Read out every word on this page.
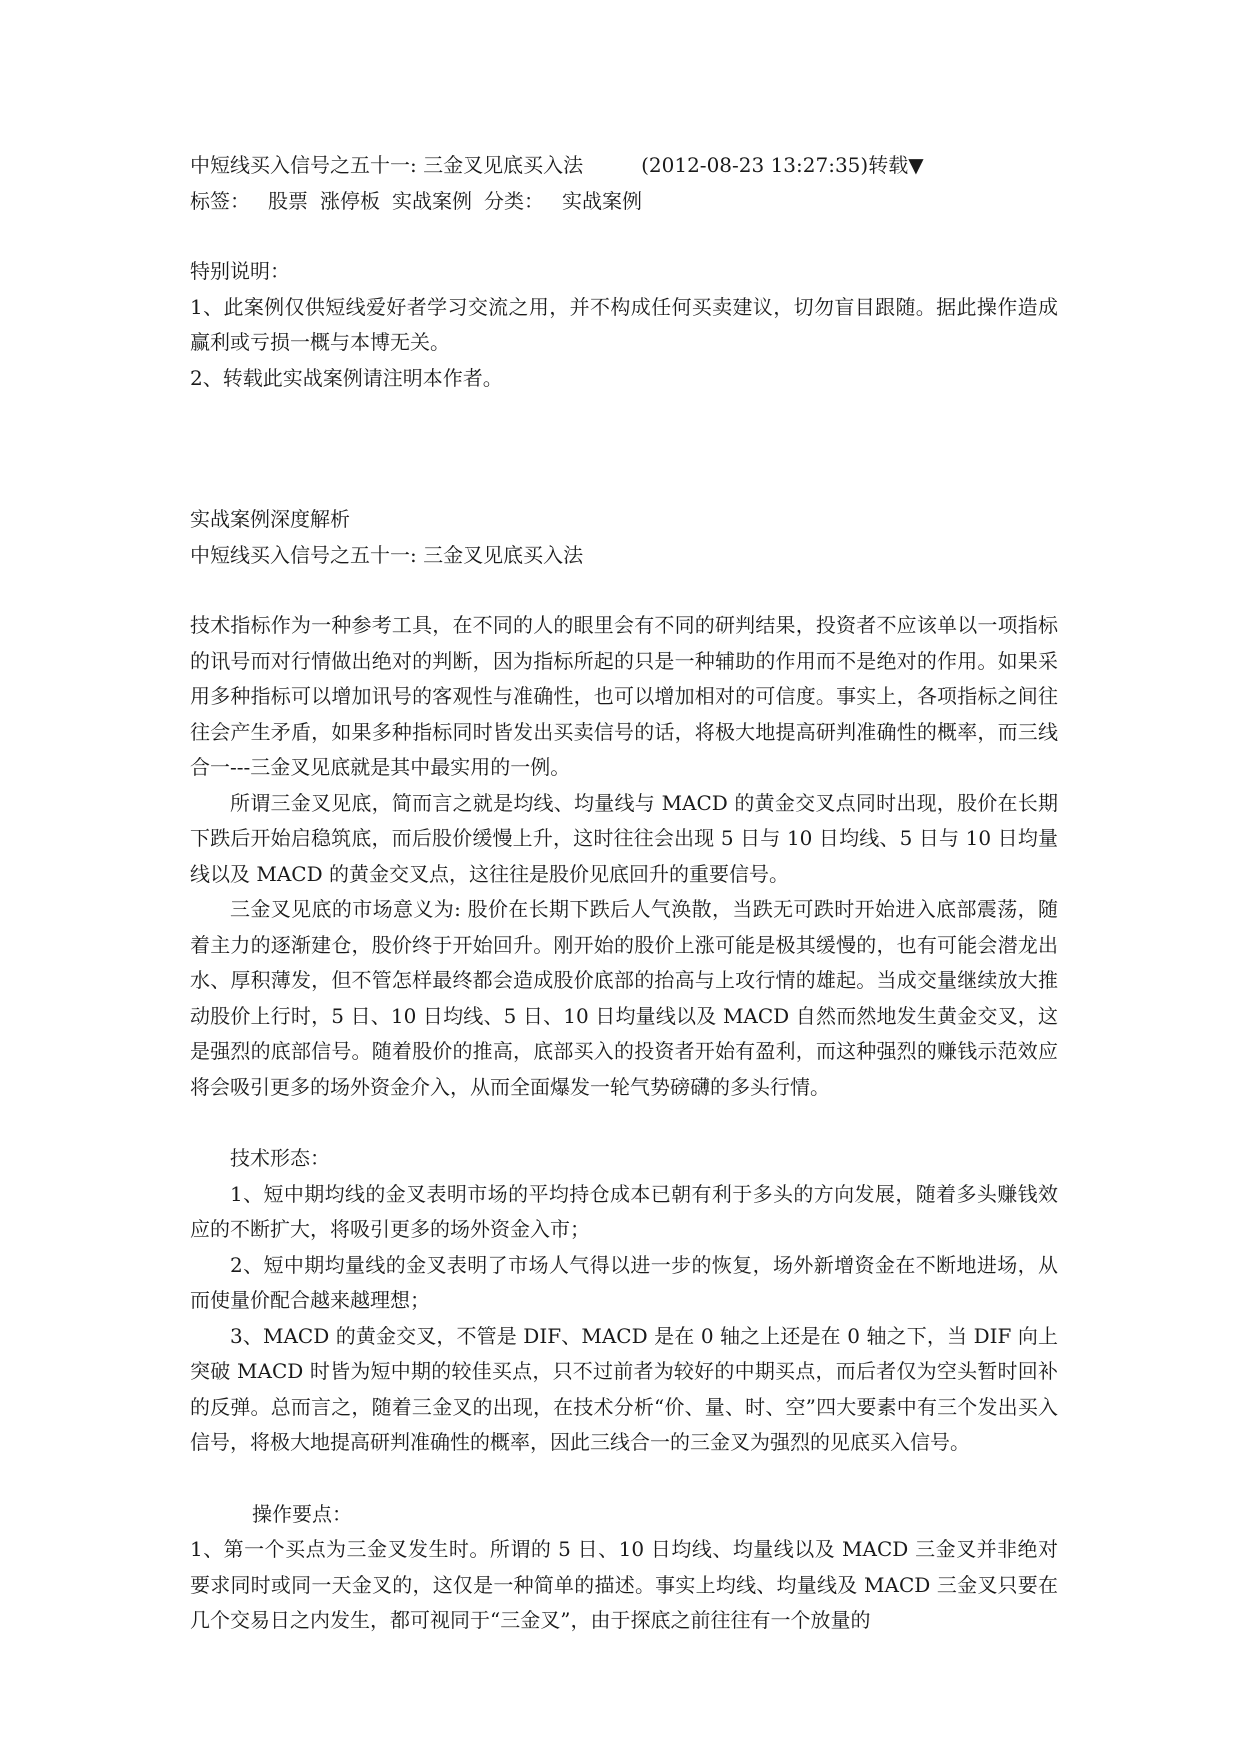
中短线买入信号之五十一: 三金叉见底买入法	(2012-08-23 13:27:35)转载▼

标签： 股票 涨停板 实战案例 分类： 实战案例

特别说明：

1、此案例仅供短线爱好者学习交流之用，并不构成任何买卖建议，切勿盲目跟随。据此操作造成赢利或亏损一概与本博无关。

2、转载此实战案例请注明本作者。

实战案例深度解析

中短线买入信号之五十一: 三金叉见底买入法

技术指标作为一种参考工具，在不同的人的眼里会有不同的研判结果，投资者不应该单以一项指标的讯号而对行情做出绝对的判断，因为指标所起的只是一种辅助的作用而不是绝对的作用。如果采用多种指标可以增加讯号的客观性与准确性，也可以增加相对的可信度。事实上，各项指标之间往往会产生矛盾，如果多种指标同时皆发出买卖信号的话，将极大地提高研判准确性的概率，而三线合一---三金叉见底就是其中最实用的一例。

所谓三金叉见底，简而言之就是均线、均量线与 MACD 的黄金交叉点同时出现，股价在长期下跌后开始启稳筑底，而后股价缓慢上升，这时往往会出现 5 日与 10 日均线、5 日与 10 日均量线以及 MACD 的黄金交叉点，这往往是股价见底回升的重要信号。

三金叉见底的市场意义为: 股价在长期下跌后人气涣散，当跌无可跌时开始进入底部震荡，随着主力的逐渐建仓，股价终于开始回升。刚开始的股价上涨可能是极其缓慢的，也有可能会潜龙出水、厚积薄发，但不管怎样最终都会造成股价底部的抬高与上攻行情的雄起。当成交量继续放大推动股价上行时，5 日、10 日均线、5 日、10 日均量线以及 MACD 自然而然地发生黄金交叉，这是强烈的底部信号。随着股价的推高，底部买入的投资者开始有盈利，而这种强烈的赚钱示范效应将会吸引更多的场外资金介入，从而全面爆发一轮气势磅礴的多头行情。

技术形态：

1、短中期均线的金叉表明市场的平均持仓成本已朝有利于多头的方向发展，随着多头赚钱效应的不断扩大，将吸引更多的场外资金入市；

2、短中期均量线的金叉表明了市场人气得以进一步的恢复，场外新增资金在不断地进场，从而使量价配合越来越理想；

3、MACD 的黄金交叉，不管是 DIF、MACD 是在 0 轴之上还是在 0 轴之下，当 DIF 向上突破 MACD 时皆为短中期的较佳买点，只不过前者为较好的中期买点，而后者仅为空头暂时回补的反弹。总而言之，随着三金叉的出现，在技术分析“价、量、时、空”四大要素中有三个发出买入信号，将极大地提高研判准确性的概率，因此三线合一的三金叉为强烈的见底买入信号。

操作要点：

1、第一个买点为三金叉发生时。所谓的 5 日、10 日均线、均量线以及 MACD 三金叉并非绝对要求同时或同一天金叉的，这仅是一种简单的描述。事实上均线、均量线及 MACD 三金叉只要在几个交易日之内发生，都可视同于“三金叉”，由于探底之前往往有一个放量的
